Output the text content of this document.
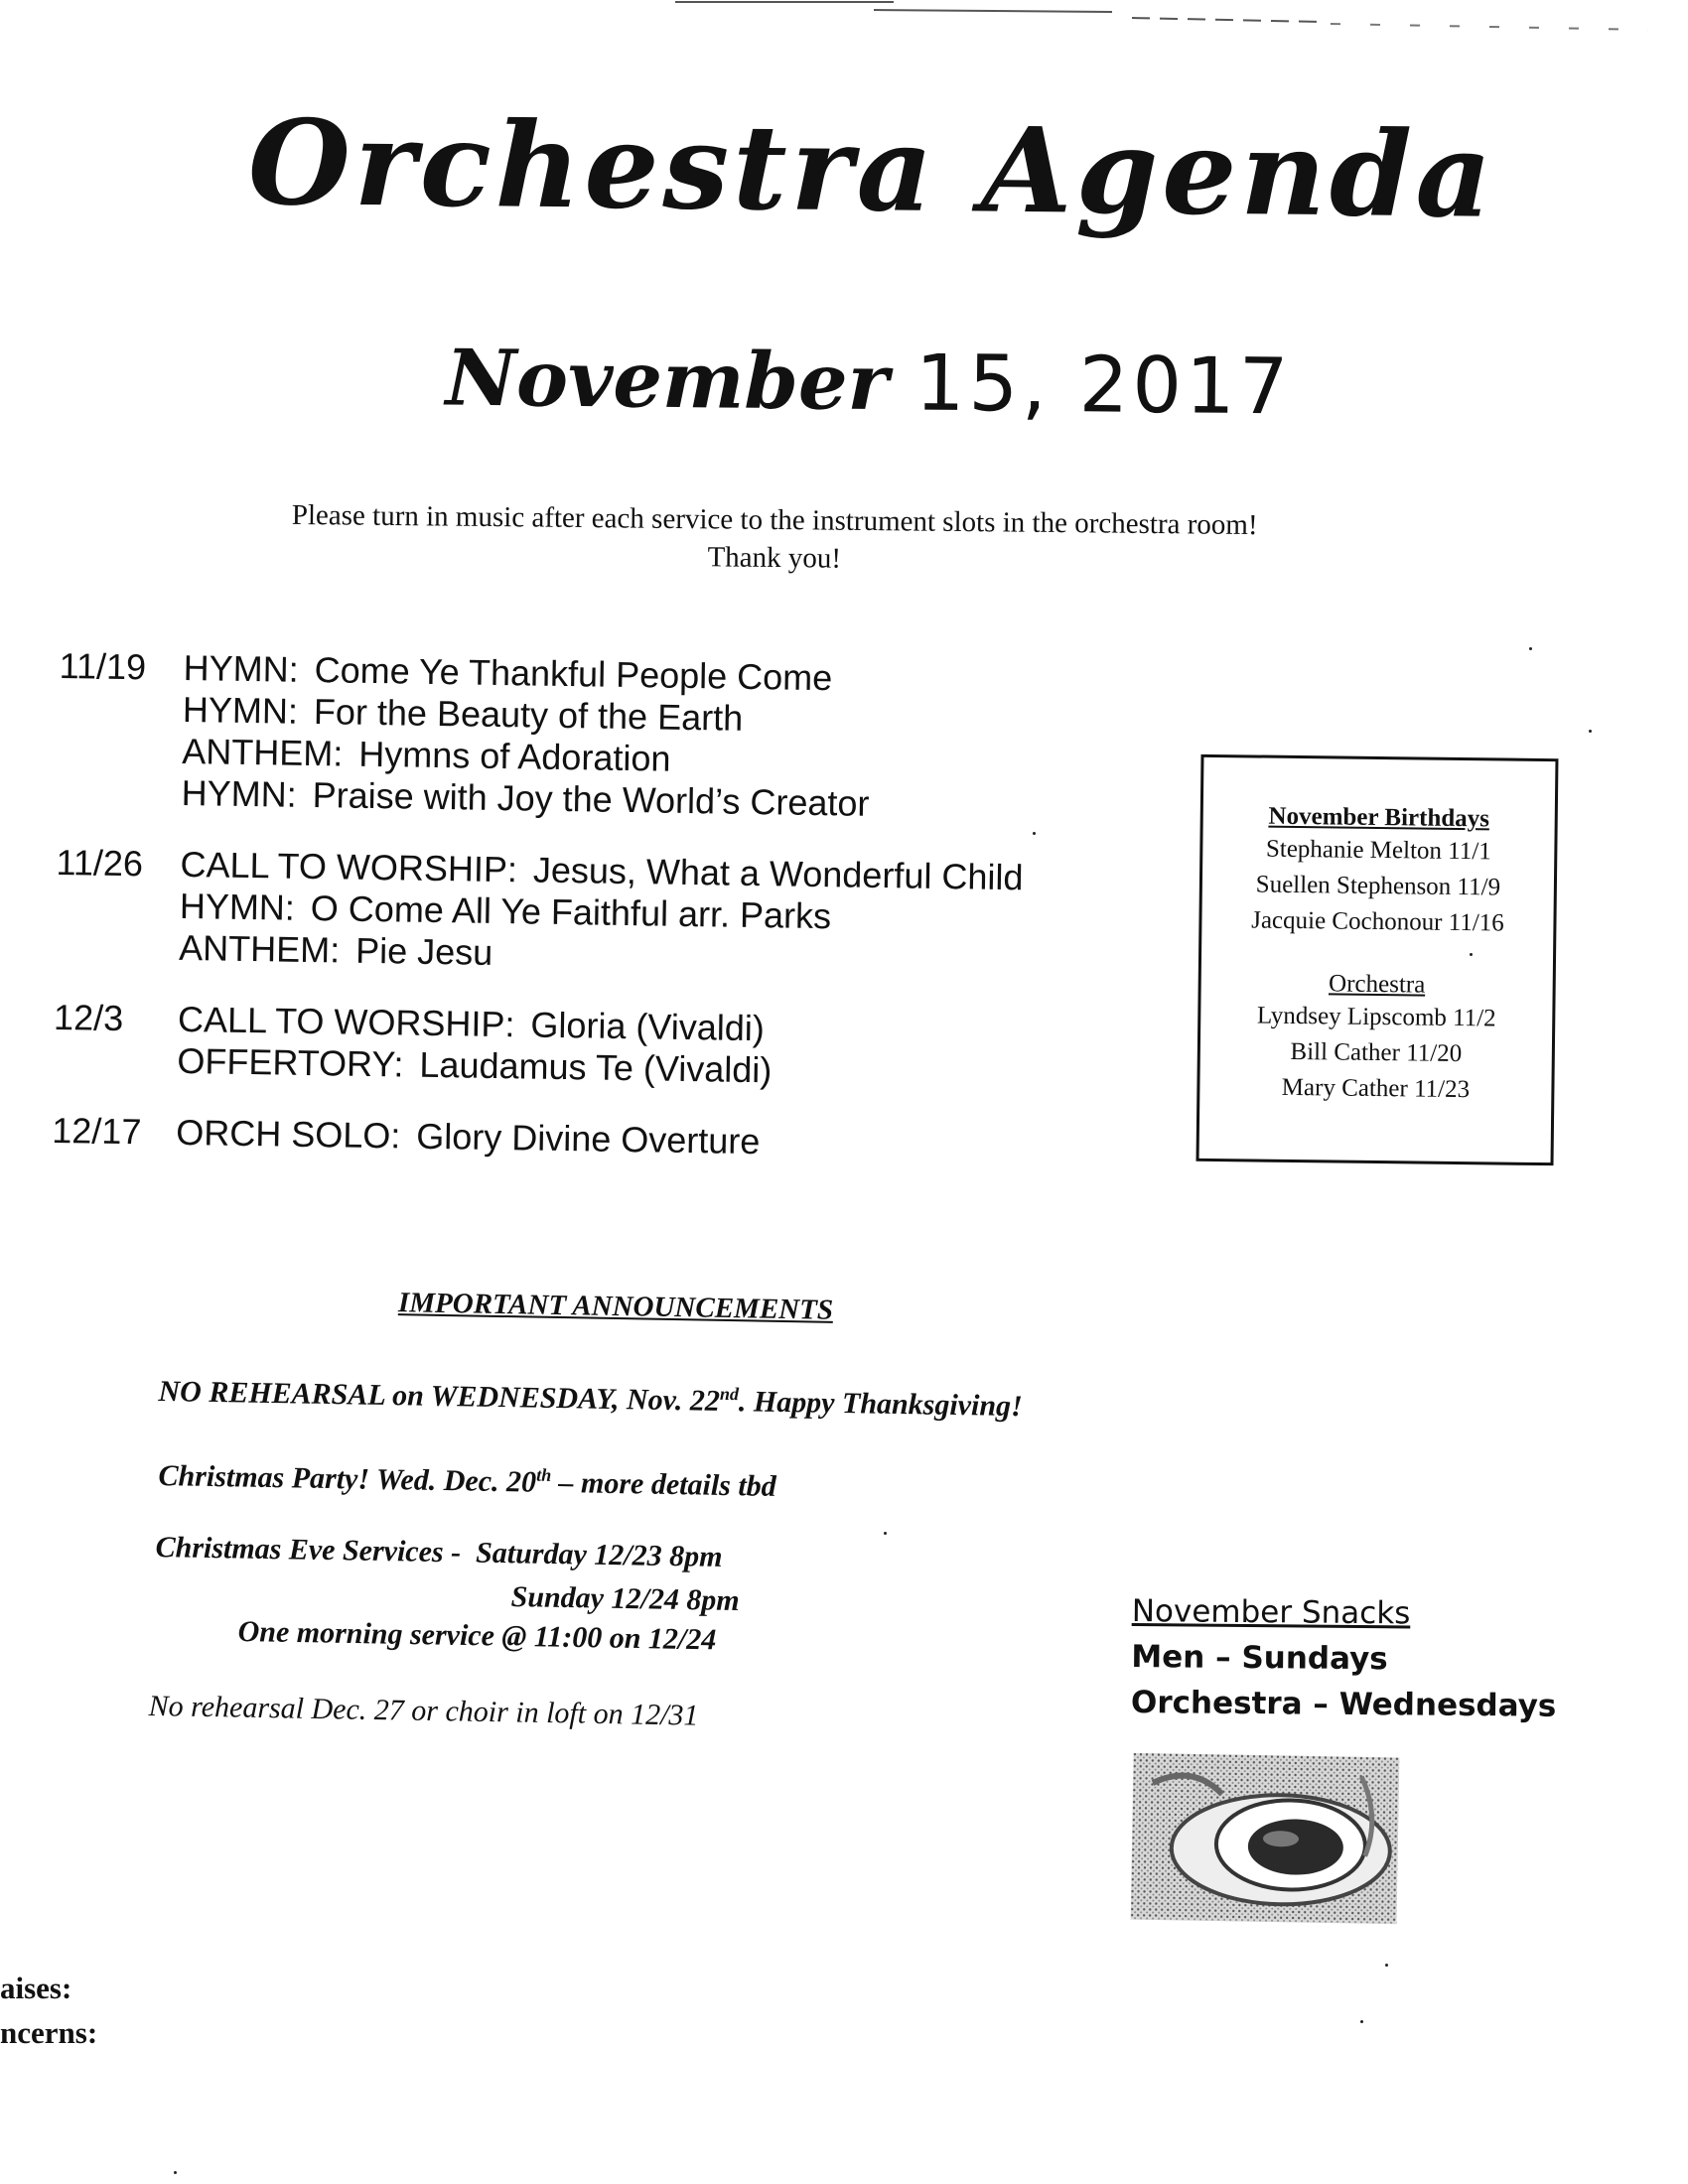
Orchestra Agenda
November 15, 2017
Please turn in music after each service to the instrument slots in the orchestra room!
Thank you!
11/19	HYMN: Come Ye Thankful People Come
HYMN: For the Beauty of the Earth
ANTHEM: Hymns of Adoration
HYMN: Praise with Joy the World’s Creator
11/26	CALL TO WORSHIP: Jesus, What a Wonderful Child
HYMN: O Come All Ye Faithful arr. Parks
ANTHEM: Pie Jesu
12/3	CALL TO WORSHIP: Gloria (Vivaldi)
OFFERTORY: Laudamus Te (Vivaldi)
12/17 ORCH SOLO: Glory Divine Overture
November Birthdays
Stephanie Melton 11/1
Suellen Stephenson 11/9
Jacquie Cochonour 11/16
Orchestra
Lyndsey Lipscomb 11/2
Bill Cather 11/20
Mary Cather 11/23
IMPORTANT ANNOUNCEMENTS
NO REHEARSAL on WEDNESDAY, Nov. 22nd. Happy Thanksgiving!
Christmas Party! Wed. Dec. 20th – more details tbd
Christmas Eve Services - Saturday 12/23 8pm
Sunday 12/24 8pm
One morning service @ 11:00 on 12/24
No rehearsal Dec. 27 or choir in loft on 12/31
November Snacks
Men – Sundays
Orchestra – Wednesdays
aises:
ncerns:
